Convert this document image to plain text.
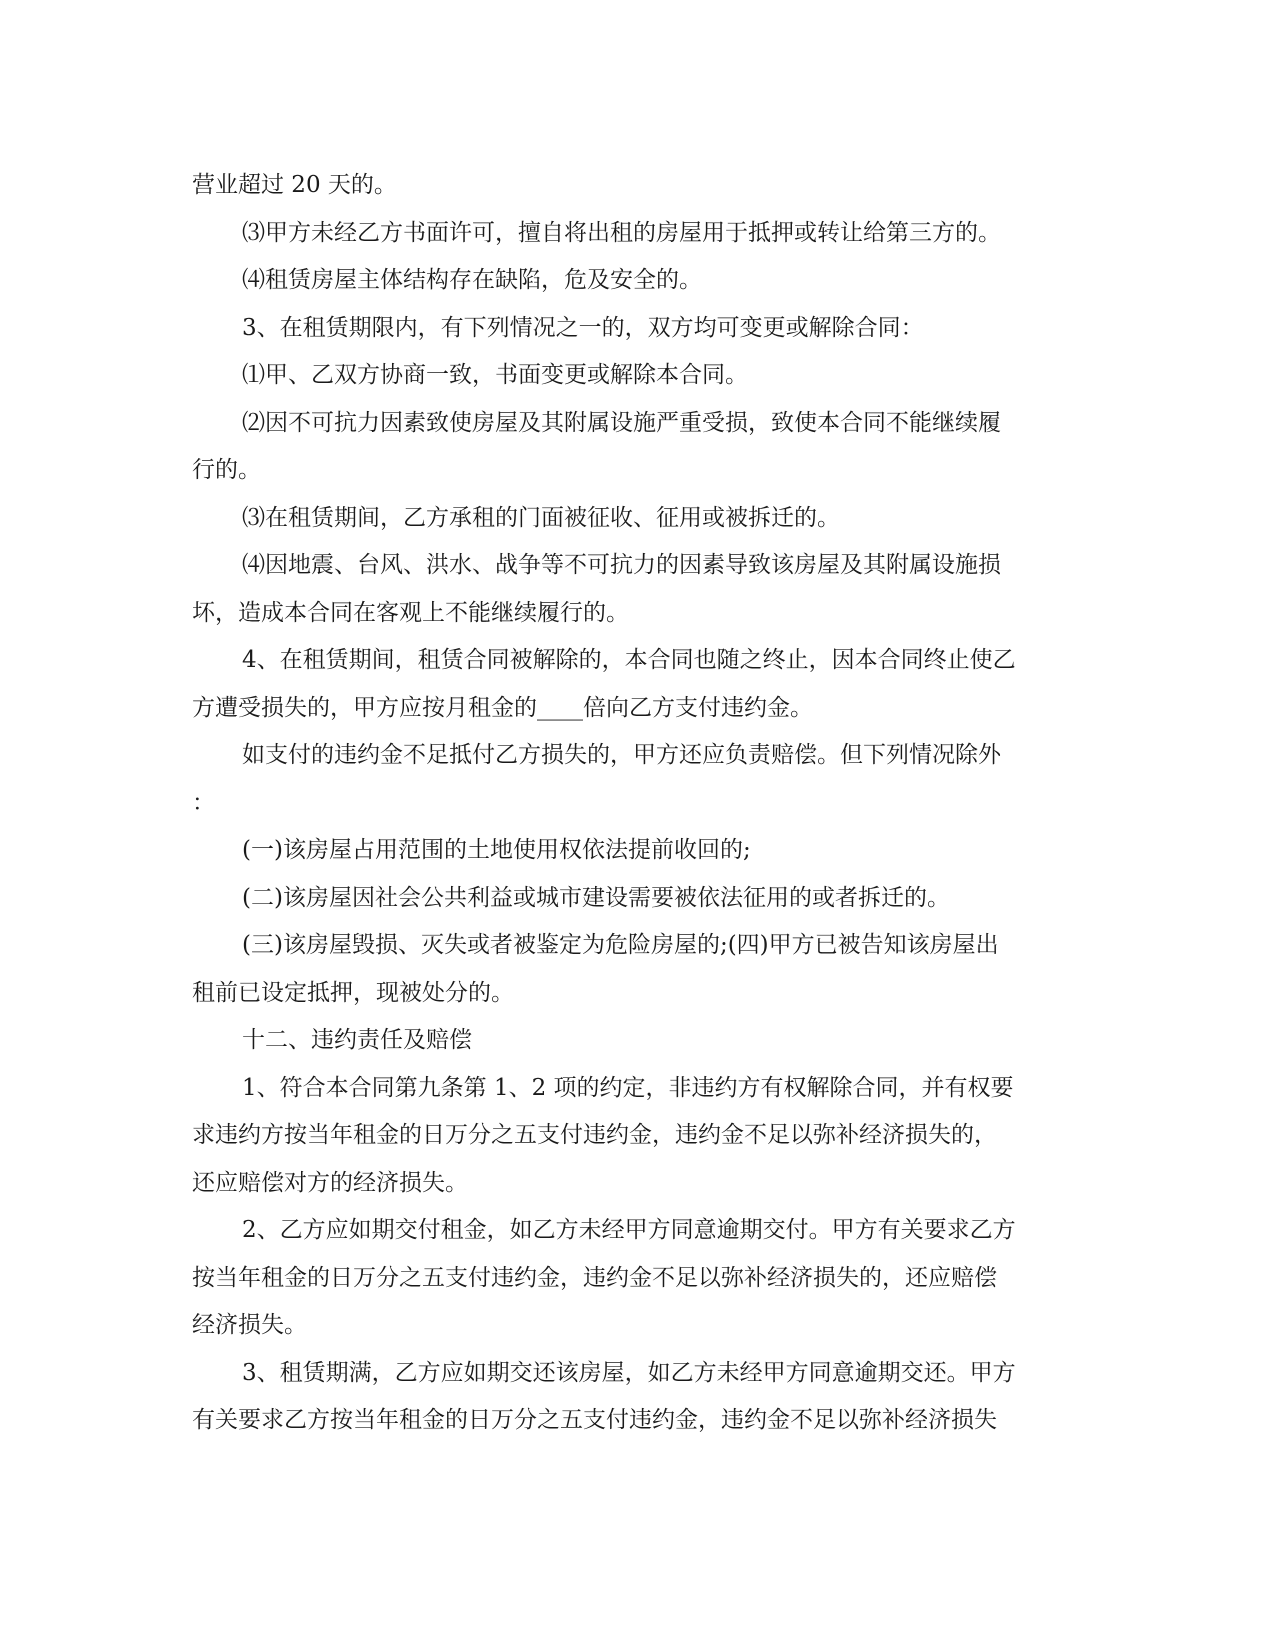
营业超过 20 天的。
⑶甲方未经乙方书面许可，擅自将出租的房屋用于抵押或转让给第三方的。
⑷租赁房屋主体结构存在缺陷，危及安全的。
3、在租赁期限内，有下列情况之一的，双方均可变更或解除合同：
⑴甲、乙双方协商一致，书面变更或解除本合同。
⑵因不可抗力因素致使房屋及其附属设施严重受损，致使本合同不能继续履
行的。
⑶在租赁期间，乙方承租的门面被征收、征用或被拆迁的。
⑷因地震、台风、洪水、战争等不可抗力的因素导致该房屋及其附属设施损
坏，造成本合同在客观上不能继续履行的。
4、在租赁期间，租赁合同被解除的，本合同也随之终止，因本合同终止使乙
方遭受损失的，甲方应按月租金的____倍向乙方支付违约金。
如支付的违约金不足抵付乙方损失的，甲方还应负责赔偿。但下列情况除外
：
(一)该房屋占用范围的土地使用权依法提前收回的;
(二)该房屋因社会公共利益或城市建设需要被依法征用的或者拆迁的。
(三)该房屋毁损、灭失或者被鉴定为危险房屋的;(四)甲方已被告知该房屋出
租前已设定抵押，现被处分的。
十二、违约责任及赔偿
1、符合本合同第九条第 1、2 项的约定，非违约方有权解除合同，并有权要
求违约方按当年租金的日万分之五支付违约金，违约金不足以弥补经济损失的，
还应赔偿对方的经济损失。
2、乙方应如期交付租金，如乙方未经甲方同意逾期交付。甲方有关要求乙方
按当年租金的日万分之五支付违约金，违约金不足以弥补经济损失的，还应赔偿
经济损失。
3、租赁期满，乙方应如期交还该房屋，如乙方未经甲方同意逾期交还。甲方
有关要求乙方按当年租金的日万分之五支付违约金，违约金不足以弥补经济损失
